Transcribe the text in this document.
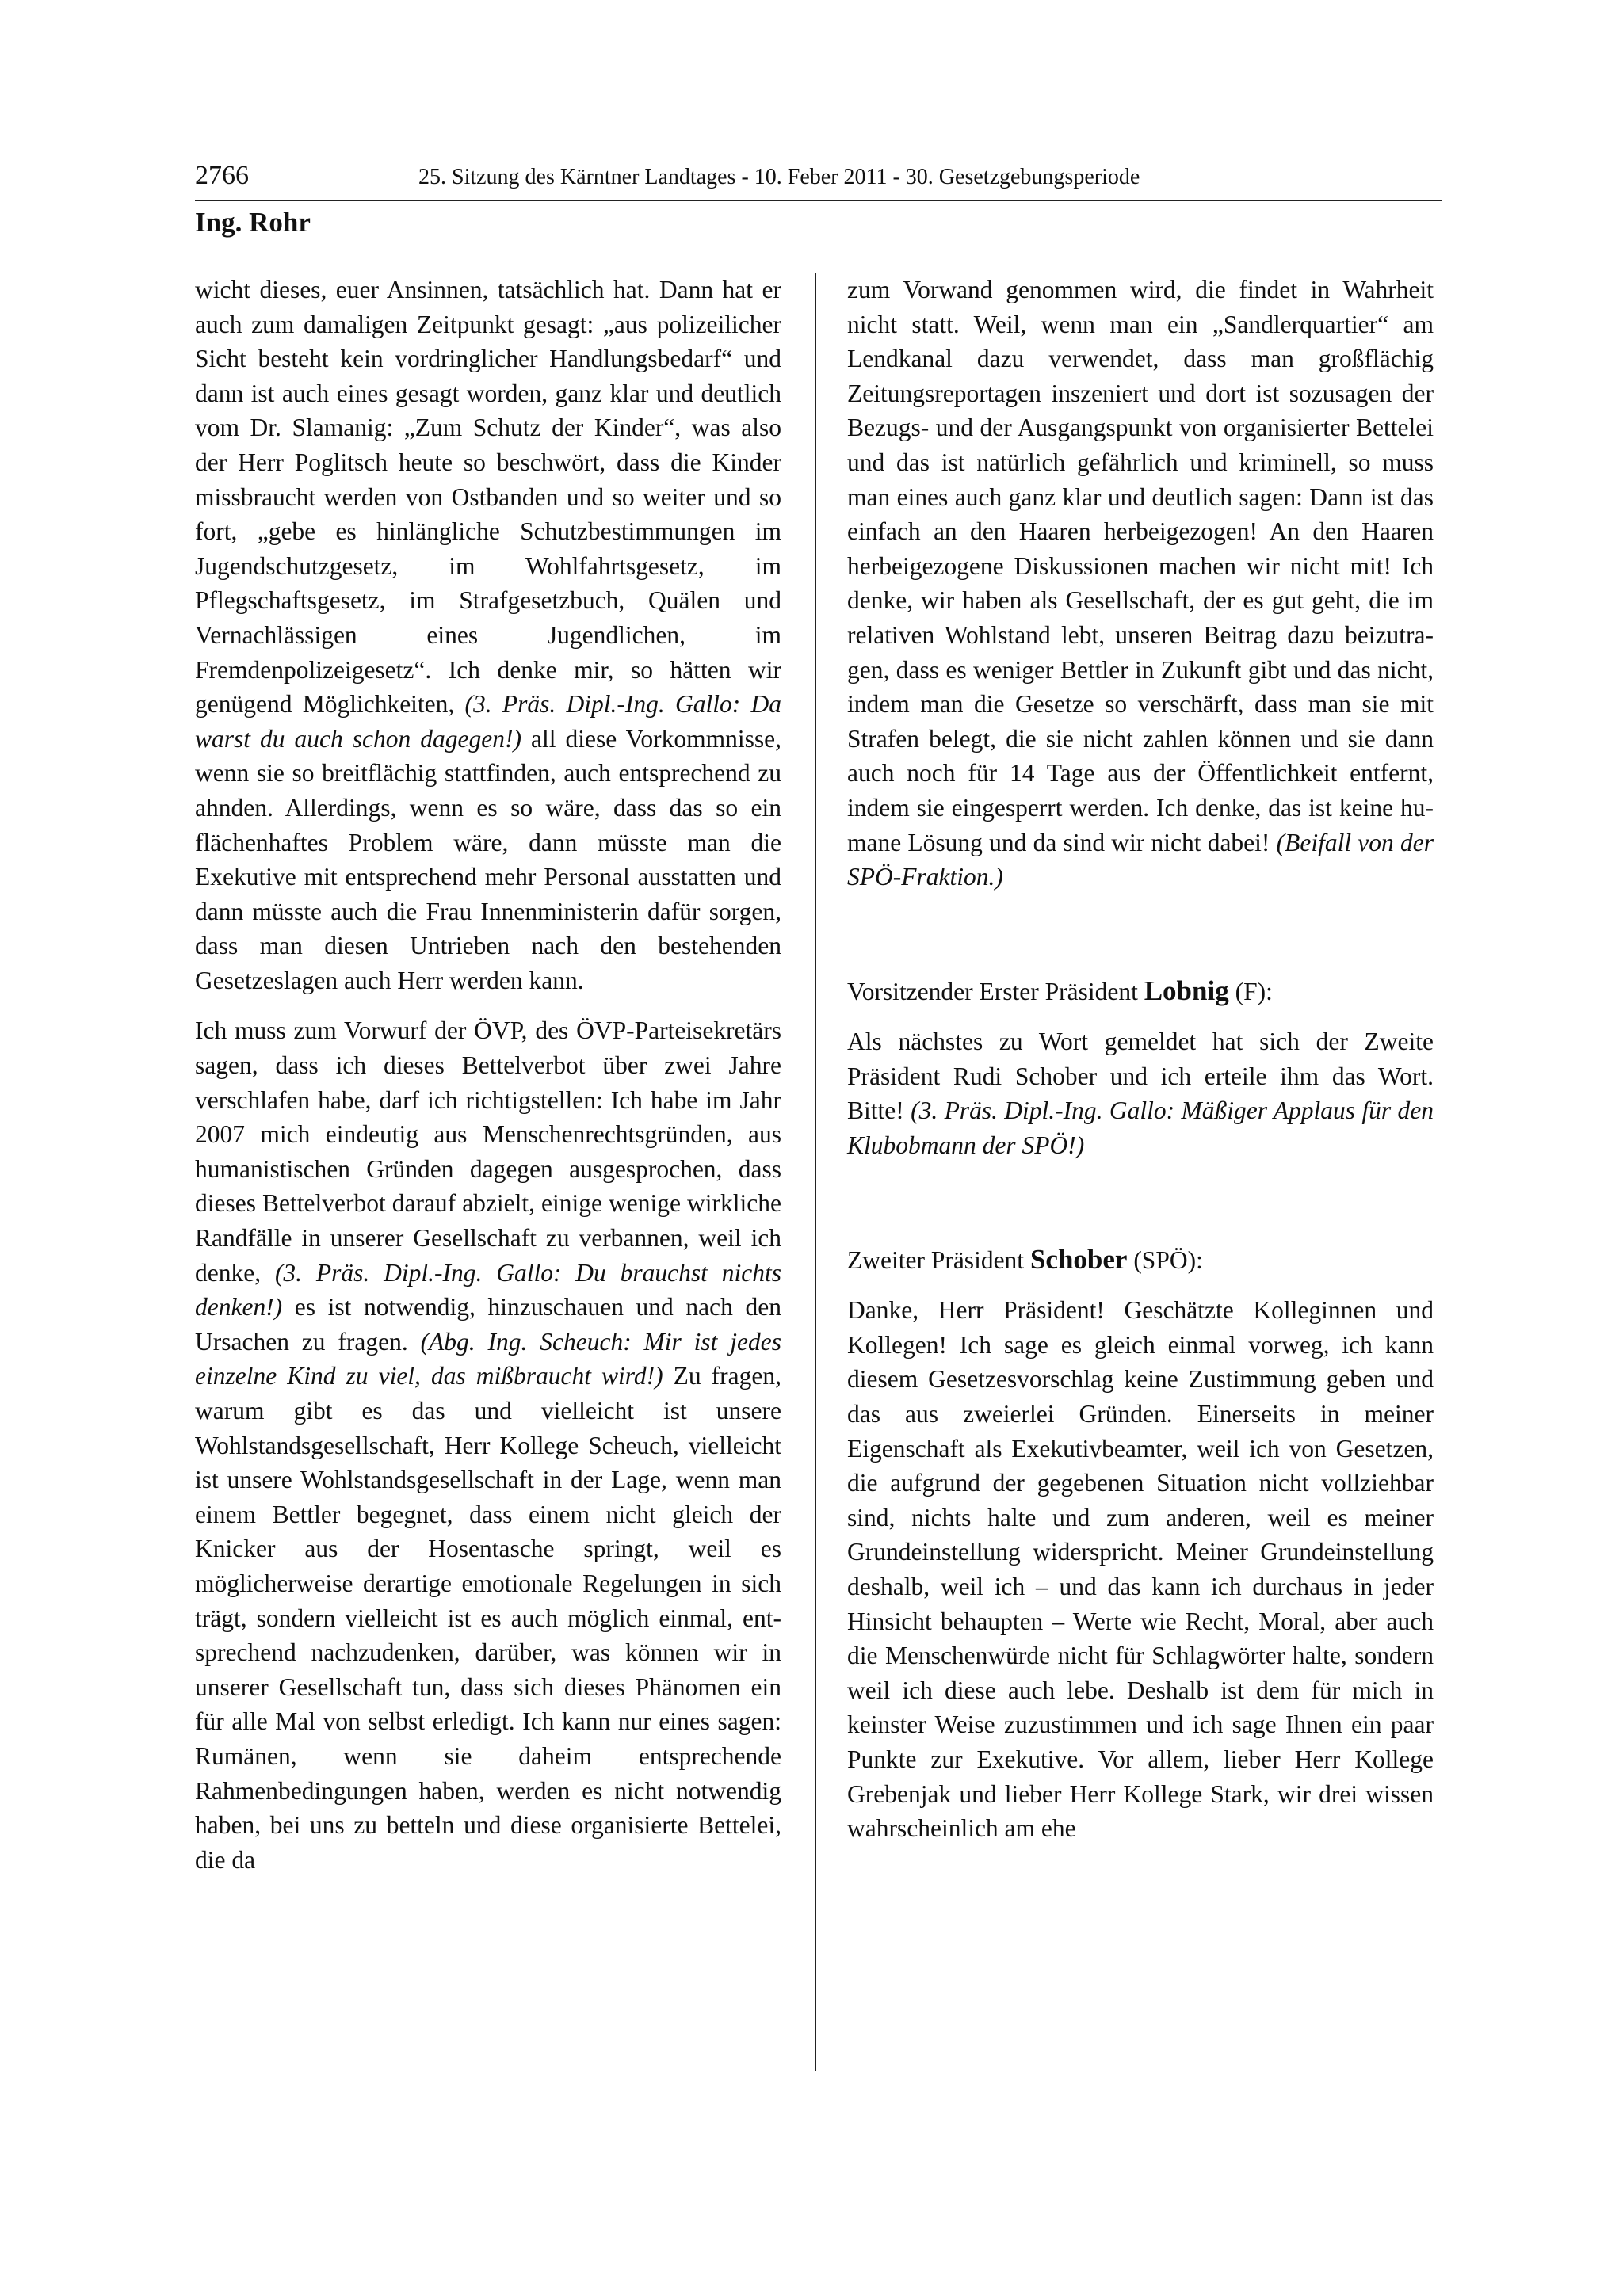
2766	25. Sitzung des Kärntner Landtages - 10. Feber 2011 - 30. Gesetzgebungsperiode
Ing. Rohr

wicht dieses, euer Ansinnen, tatsächlich hat. Dann hat er auch zum damaligen Zeitpunkt gesagt: „aus polizeilicher Sicht besteht kein vordringlicher Handlungsbedarf“ und dann ist auch eines gesagt worden, ganz klar und deutlich vom Dr. Slamanig: „Zum Schutz der Kinder“, was also der Herr Poglitsch heute so beschwört, dass die Kinder missbraucht werden von Ostbanden und so weiter und so fort, „gebe es hinlängliche Schutzbestimmungen im Jugendschutzgesetz, im Wohlfahrtsgesetz, im Pflegschaftsgesetz, im Strafgesetzbuch, Quälen und Vernachlässigen eines Jugendlichen, im Fremdenpolizeigesetz“. Ich denke mir, so hätten wir genügend Möglichkeiten, (3. Präs. Dipl.-Ing. Gallo: Da warst du auch schon dagegen!) all diese Vorkommnisse, wenn sie so breitflächig stattfinden, auch entsprechend zu ahnden. Allerdings, wenn es so wäre, dass das so ein flächenhaftes Problem wäre, dann müsste man die Exekutive mit entsprechend mehr Personal ausstatten und dann müsste auch die Frau Innenministerin dafür sorgen, dass man diesen Untrieben nach den bestehenden Gesetzeslagen auch Herr werden kann.

Ich muss zum Vorwurf der ÖVP, des ÖVP-Parteisekretärs sagen, dass ich dieses Bettelverbot über zwei Jahre verschlafen habe, darf ich richtigstellen: Ich habe im Jahr 2007 mich eindeutig aus Menschenrechtsgründen, aus humanistischen Gründen dagegen ausgesprochen, dass dieses Bettelverbot darauf abzielt, einige wenige wirkliche Randfälle in unserer Gesellschaft zu verbannen, weil ich denke, (3. Präs. Dipl.-Ing. Gallo: Du brauchst nichts denken!) es ist notwendig, hinzuschauen und nach den Ursachen zu fragen. (Abg. Ing. Scheuch: Mir ist jedes einzelne Kind zu viel, das mißbraucht wird!) Zu fragen, warum gibt es das und vielleicht ist unsere Wohlstandsgesellschaft, Herr Kollege Scheuch, vielleicht ist unsere Wohlstandsgesellschaft in der Lage, wenn man einem Bettler begegnet, dass einem nicht gleich der Knicker aus der Hosentasche springt, weil es möglicherweise derartige emotionale Regelungen in sich trägt, sondern vielleicht ist es auch möglich einmal, entsprechend nachzudenken, darüber, was können wir in unserer Gesellschaft tun, dass sich dieses Phänomen ein für alle Mal von selbst erledigt. Ich kann nur eines sagen: Rumänen, wenn sie daheim entsprechende Rahmenbedingungen haben, werden es nicht notwendig haben, bei uns zu betteln und diese organisierte Bettelei, die da

zum Vorwand genommen wird, die findet in Wahrheit nicht statt. Weil, wenn man ein „Sandlerquartier“ am Lendkanal dazu verwendet, dass man großflächig Zeitungsreportagen inszeniert und dort ist sozusagen der Bezugs- und der Ausgangspunkt von organisierter Bettelei und das ist natürlich gefährlich und kriminell, so muss man eines auch ganz klar und deutlich sagen: Dann ist das einfach an den Haaren herbeigezogen! An den Haaren herbeigezogene Diskussionen machen wir nicht mit! Ich denke, wir haben als Gesellschaft, der es gut geht, die im relativen Wohlstand lebt, unseren Beitrag dazu beizutragen, dass es weniger Bettler in Zukunft gibt und das nicht, indem man die Gesetze so verschärft, dass man sie mit Strafen belegt, die sie nicht zahlen können und sie dann auch noch für 14 Tage aus der Öffentlichkeit entfernt, indem sie eingesperrt werden. Ich denke, das ist keine humane Lösung und da sind wir nicht dabei! (Beifall von der SPÖ-Fraktion.)

Vorsitzender Erster Präsident Lobnig (F):

Als nächstes zu Wort gemeldet hat sich der Zweite Präsident Rudi Schober und ich erteile ihm das Wort. Bitte! (3. Präs. Dipl.-Ing. Gallo: Mäßiger Applaus für den Klubobmann der SPÖ!)

Zweiter Präsident Schober (SPÖ):

Danke, Herr Präsident! Geschätzte Kolleginnen und Kollegen! Ich sage es gleich einmal vorweg, ich kann diesem Gesetzesvorschlag keine Zustimmung geben und das aus zweierlei Gründen. Einerseits in meiner Eigenschaft als Exekutivbeamter, weil ich von Gesetzen, die aufgrund der gegebenen Situation nicht vollziehbar sind, nichts halte und zum anderen, weil es meiner Grundeinstellung widerspricht. Meiner Grundeinstellung deshalb, weil ich – und das kann ich durchaus in jeder Hinsicht behaupten – Werte wie Recht, Moral, aber auch die Menschenwürde nicht für Schlagwörter halte, sondern weil ich diese auch lebe. Deshalb ist dem für mich in keinster Weise zuzustimmen und ich sage Ihnen ein paar Punkte zur Exekutive. Vor allem, lieber Herr Kollege Grebenjak und lieber Herr Kollege Stark, wir drei wissen wahrscheinlich am ehe
